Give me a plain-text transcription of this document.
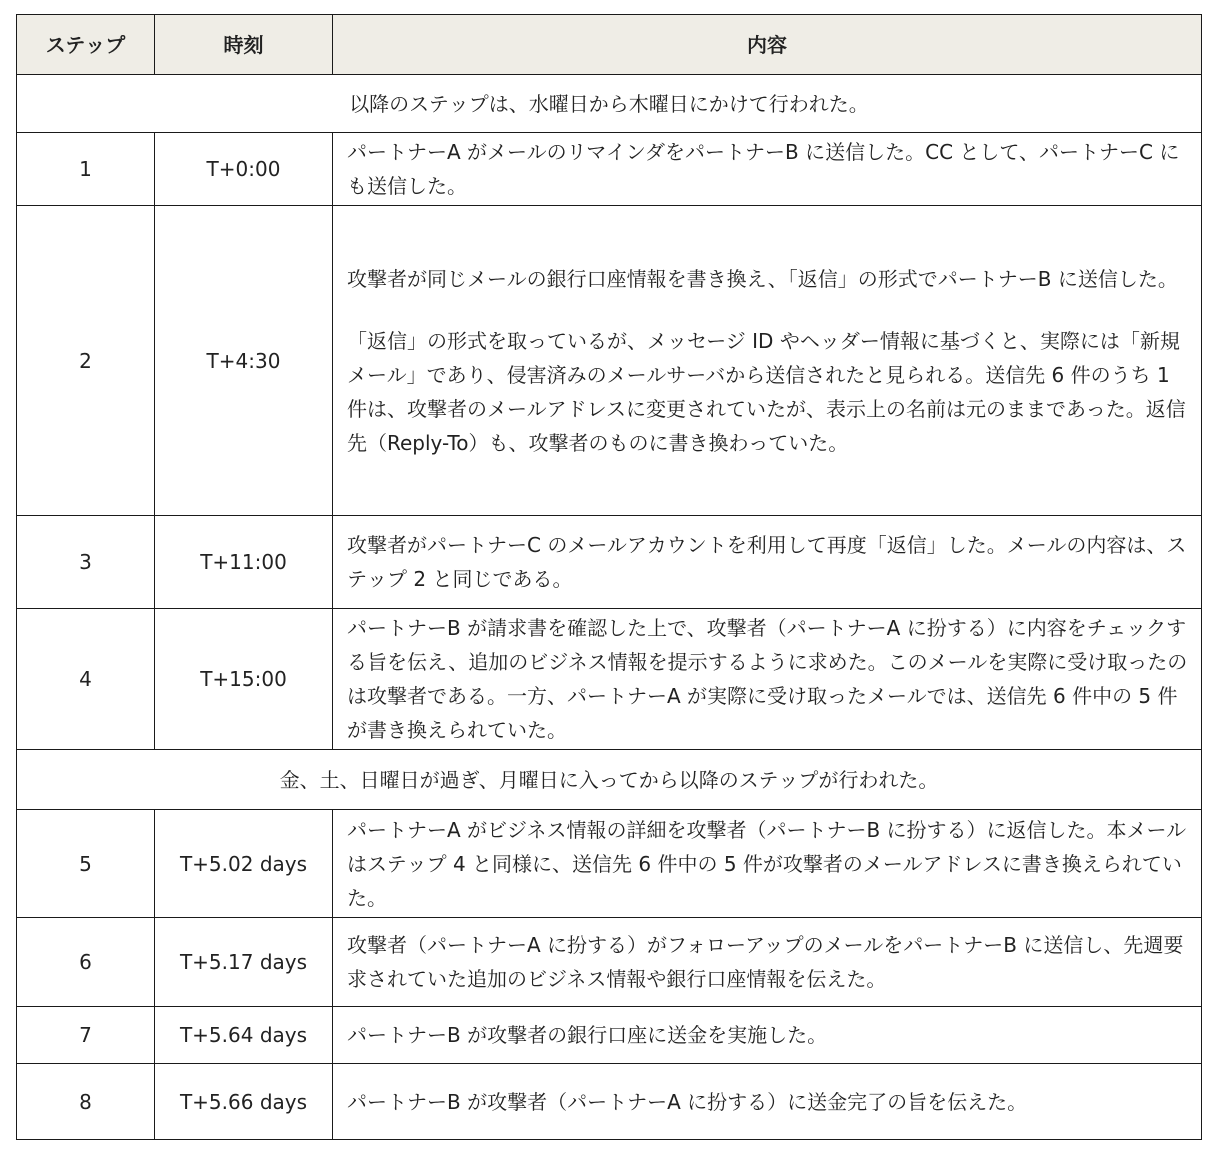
ステップ	時刻	内容
以降のステップは、水曜日から木曜日にかけて行われた。		
1	T+0:00	パートナーA がメールのリマインダをパートナーB に送信した。CC として、パートナーC にも送信した。
2	T+4:30	攻撃者が同じメールの銀行口座情報を書き換え、「返信」の形式でパートナーB に送信した。
「返信」の形式を取っているが、メッセージ ID やヘッダー情報に基づくと、実際には「新規メール」であり、侵害済みのメールサーバから送信されたと見られる。送信先 6 件のうち 1 件は、攻撃者のメールアドレスに変更されていたが、表示上の名前は元のままであった。返信先（Reply-To）も、攻撃者のものに書き換わっていた。

3	T+11:00	攻撃者がパートナーC のメールアカウントを利用して再度「返信」した。メールの内容は、ステップ 2 と同じである。
4	T+15:00	パートナーB が請求書を確認した上で、攻撃者（パートナーA に扮する）に内容をチェックする旨を伝え、追加のビジネス情報を提示するように求めた。このメールを実際に受け取ったのは攻撃者である。一方、パートナーA が実際に受け取ったメールでは、送信先 6 件中の 5 件が書き換えられていた。
金、土、日曜日が過ぎ、月曜日に入ってから以降のステップが行われた。		
5	T+5.02 days	パートナーA がビジネス情報の詳細を攻撃者（パートナーB に扮する）に返信した。本メールはステップ 4 と同様に、送信先 6 件中の 5 件が攻撃者のメールアドレスに書き換えられていた。
6	T+5.17 days	攻撃者（パートナーA に扮する）がフォローアップのメールをパートナーB に送信し、先週要求されていた追加のビジネス情報や銀行口座情報を伝えた。
7	T+5.64 days	パートナーB が攻撃者の銀行口座に送金を実施した。
8	T+5.66 days	パートナーB が攻撃者（パートナーA に扮する）に送金完了の旨を伝えた。
